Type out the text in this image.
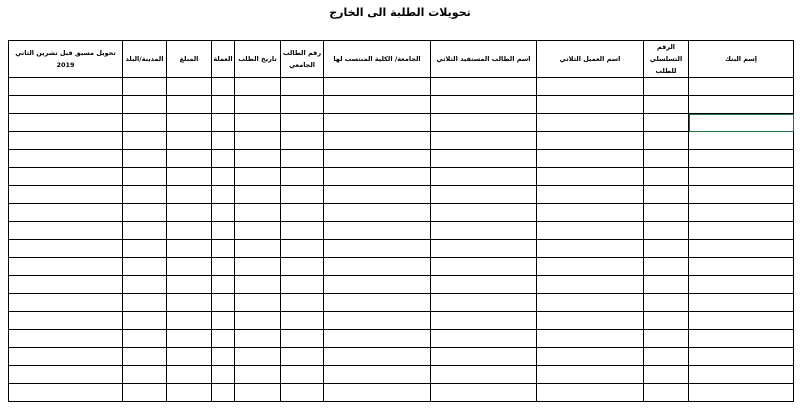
تحويلات الطلبة الى الخارج
إسم البنك	الرقم التسلسلي للطلب	اسم العميل الثلاثي	اسم الطالب المستفيد الثلاثي	الجامعة/ الكلية المنتسب لها	رقم الطالب الجامعي	تاريخ الطلب	العملة	المبلغ	المدينة/البلد	تحويل مسبق قبل تشرين الثاني 2019
